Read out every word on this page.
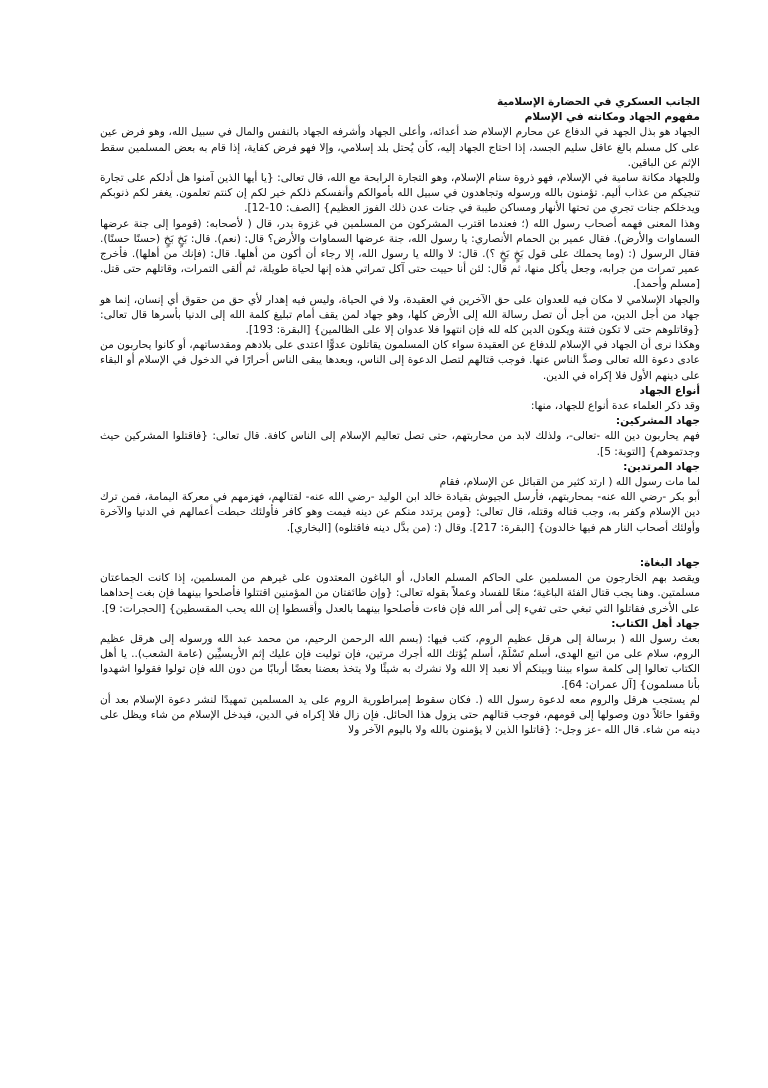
الجانب العسكري في الحضارة الإسلامية

مفهوم الجهاد ومكانته في الإسلام

الجهاد هو بذل الجهد في الدفاع عن محارم الإسلام ضد أعدائه، وأعلى الجهاد وأشرفه الجهاد بالنفس والمال في سبيل الله، وهو فرض عين على كل مسلم بالغ عاقل سليم الجسد، إذا احتاج الجهاد إليه، كأن يُحتل بلد إسلامي، وإلا فهو فرض كفاية، إذا قام به بعض المسلمين سقط الإثم عن الباقين.

وللجهاد مكانة سامية في الإسلام، فهو ذروة سنام الإسلام، وهو التجارة الرابحة مع الله، قال تعالى: {يا أيها الذين آمنوا هل أدلكم على تجارة تنجيكم من عذاب أليم. تؤمنون بالله ورسوله وتجاهدون في سبيل الله بأموالكم وأنفسكم ذلكم خير لكم إن كنتم تعلمون. يغفر لكم ذنوبكم ويدخلكم جنات تجري من تحتها الأنهار ومساكن طيبة في جنات عدن ذلك الفوز العظيم} [الصف: 10-12].

وهذا المعنى فهمه أصحاب رسول الله (؛ فعندما اقترب المشركون من المسلمين في غزوة بدر، قال ( لأصحابه: (قوموا إلى جنة عرضها السماوات والأرض). فقال عمير بن الحمام الأنصاري: يا رسول الله، جنة عرضها السماوات والأرض؟ قال: (نعم). قال: بَخٍ بَخٍ (حسنًا حسنًا). فقال الرسول (: (وما يحملك على قول بَخٍ بَخٍ ؟). قال: لا والله يا رسول الله، إلا رجاء أن أكون من أهلها. قال: (فإنك من أهلها). فأخرج عمير تمرات من جرابه، وجعل يأكل منها، ثم قال: لئن أنا حييت حتى آكل تمراتي هذه إنها لحياة طويلة، ثم ألقى التمرات، وقاتلهم حتى قتل. [مسلم وأحمد].

والجهاد الإسلامي لا مكان فيه للعدوان على حق الآخرين في العقيدة، ولا في الحياة، وليس فيه إهدار لأي حق من حقوق أي إنسان، إنما هو جهاد من أجل الدين، من أجل أن تصل رسالة الله إلى الأرض كلها، وهو جهاد لمن يقف أمام تبليغ كلمة الله إلى الدنيا بأسرها قال تعالى: {وقاتلوهم حتى لا تكون فتنة ويكون الدين كله لله فإن انتهوا فلا عدوان إلا على الظالمين} [البقرة: 193].

وهكذا نرى أن الجهاد في الإسلام للدفاع عن العقيدة سواء كان المسلمون يقاتلون عدوًّا اعتدى على بلادهم ومقدساتهم، أو كانوا يحاربون من عادى دعوة الله تعالى وصدَّ الناس عنها. فوجب قتالهم لتصل الدعوة إلى الناس، وبعدها يبقى الناس أحرارًا في الدخول في الإسلام أو البقاء على دينهم الأول فلا إكراه في الدين.

أنواع الجهاد

وقد ذكر العلماء عدة أنواع للجهاد، منها:

جهاد المشركين:

فهم يحاربون دين الله -تعالى-، ولذلك لابد من محاربتهم، حتى تصل تعاليم الإسلام إلى الناس كافة. قال تعالى: {فاقتلوا المشركين حيث وجدتموهم} [التوبة: 5].

جهاد المرتدين:

لما مات رسول الله ( ارتد كثير من القبائل عن الإسلام، فقام

أبو بكر -رضي الله عنه- بمحاربتهم، فأرسل الجيوش بقيادة خالد ابن الوليد -رضي الله عنه- لقتالهم، فهزمهم في معركة اليمامة، فمن ترك دين الإسلام وكفر به، وجب قتاله وقتله، قال تعالى: {ومن يرتدد منكم عن دينه فيمت وهو كافر فأولئك حبطت أعمالهم في الدنيا والآخرة وأولئك أصحاب النار هم فيها خالدون} [البقرة: 217]. وقال (: (من بدَّل دينه فاقتلوه) [البخاري].

جهاد البغاة:

ويقصد بهم الخارجون من المسلمين على الحاكم المسلم العادل، أو الباغون المعتدون على غيرهم من المسلمين، إذا كانت الجماعتان مسلمتين. وهنا يجب قتال الفئة الباغية؛ منعًا للفساد وعملاً بقوله تعالى: {وإن طائفتان من المؤمنين اقتتلوا فأصلحوا بينهما فإن بغت إحداهما على الأخرى فقاتلوا التي تبغي حتى تفيء إلى أمر الله فإن فاءت فأصلحوا بينهما بالعدل وأقسطوا إن الله يحب المقسطين} [الحجرات: 9].

جهاد أهل الكتاب:

بعث رسول الله ( برسالة إلى هرقل عظيم الروم، كتب فيها: (بسم الله الرحمن الرحيم، من محمد عبد الله ورسوله إلى هرقل عظيم الروم، سلام على من اتبع الهدى، أسلم تَسْلَمْ، أسلم يُؤتك الله أجرك مرتين، فإن توليت فإن عليك إثم الأريسيِّين (عامة الشعب).. يا أهل الكتاب تعالوا إلى كلمة سواء بيننا وبينكم ألا نعبد إلا الله ولا نشرك به شيئًا ولا يتخذ بعضنا بعضًا أربابًا من دون الله فإن تولوا فقولوا اشهدوا بأنا مسلمون} [آل عمران: 64].

لم يستجب هرقل والروم معه لدعوة رسول الله (. فكان سقوط إمبراطورية الروم على يد المسلمين تمهيدًا لنشر دعوة الإسلام بعد أن وقفوا حائلاً دون وصولها إلى قومهم، فوجب قتالهم حتى يزول هذا الحائل. فإن زال فلا إكراه في الدين، فيدخل الإسلام من شاء ويظل على دينه من شاء. قال الله -عز وجل-: {قاتلوا الذين لا يؤمنون بالله ولا باليوم الآخر ولا
